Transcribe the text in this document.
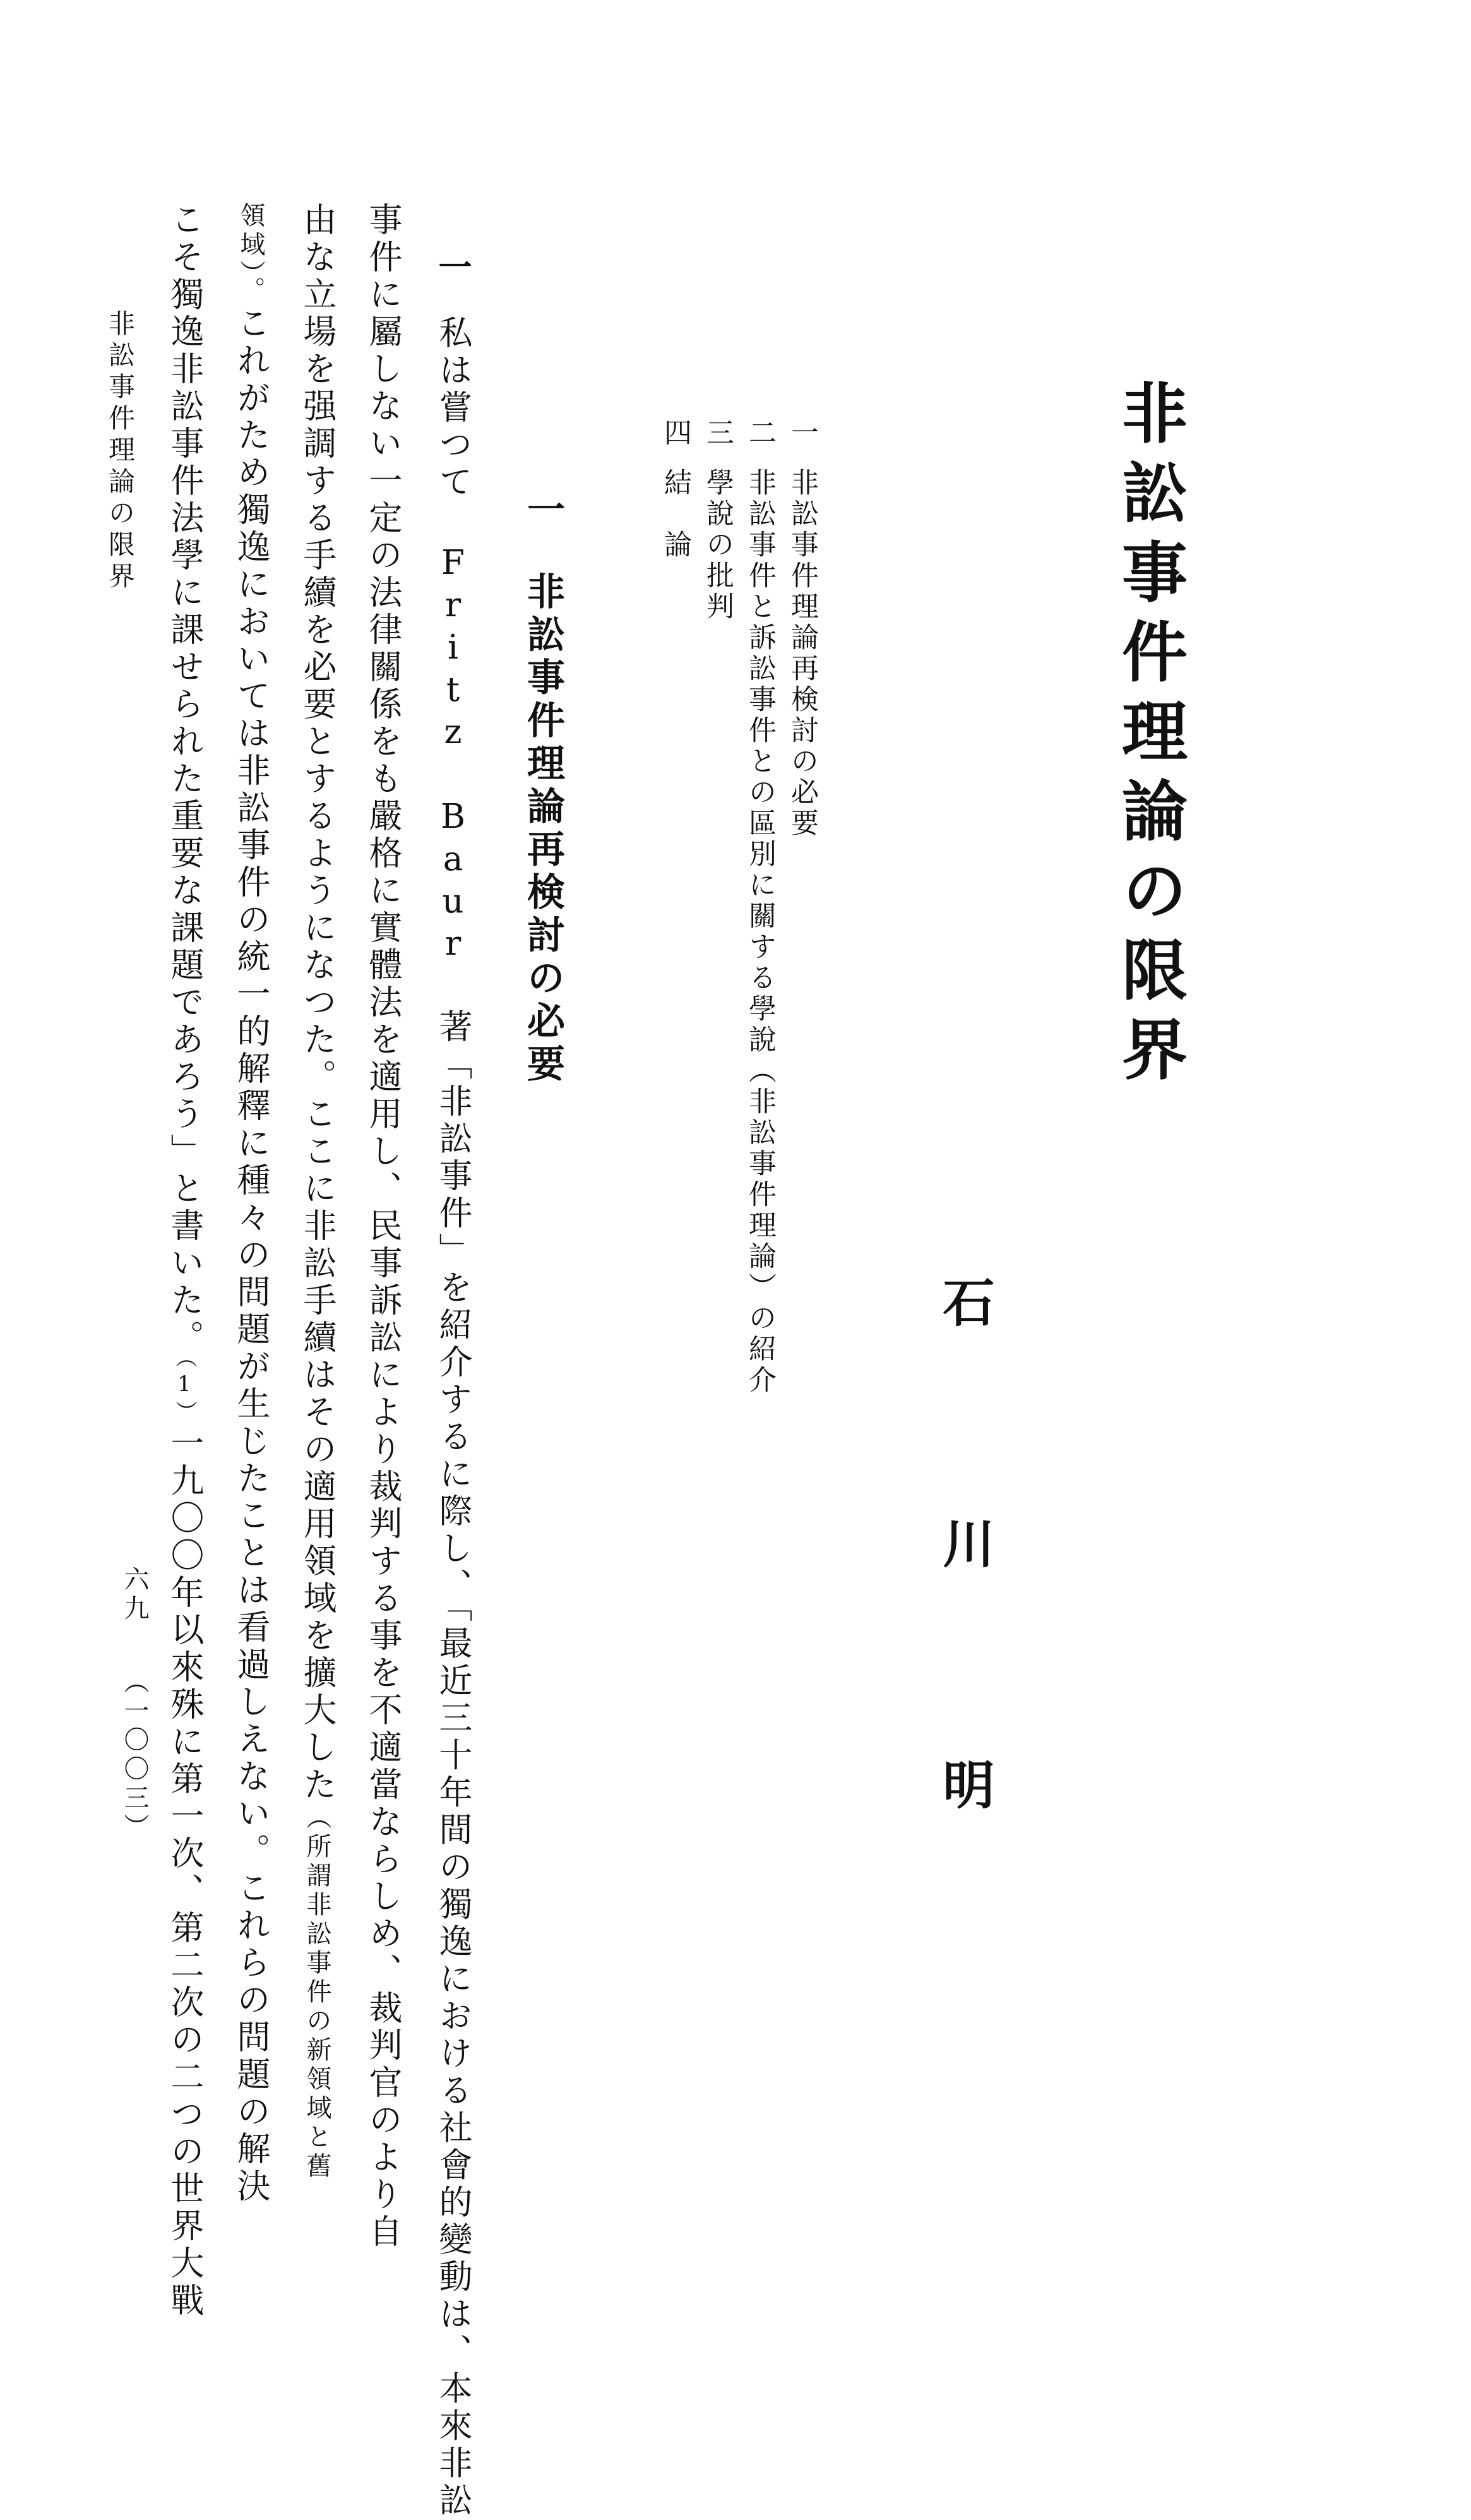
非訟事件理論の限界
石川明
一非訟事件理論再検討の必要
二非訟事件と訴訟事件との區別に關する學說（非訟事件理論）の紹介
三學說の批判
四結　論
一非訟事件理論再検討の必要
一私は嘗つて Fritz Baur 著「非訟事件」を紹介するに際し、「最近三十年間の獨逸における社會的變動は、本來非訟
事件に屬しない一定の法律關係をも嚴格に實體法を適用し、民事訴訟により裁判する事を不適當ならしめ、裁判官のより自
由な立場を强調する手續を必要とするようになつた。ここに非訟手續はその適用領域を擴大した（所謂非訟事件の新領域と舊
領域）。これがため獨逸においては非訟事件の統一的解釋に種々の問題が生じたことは看過しえない。これらの問題の解決
こそ獨逸非訟事件法學に課せられた重要な課題であろう」と書いた。（1）一九〇〇年以來殊に第一次、第二次の二つの世界大戰
非訟事件理論の限界
六九（一〇〇三）
